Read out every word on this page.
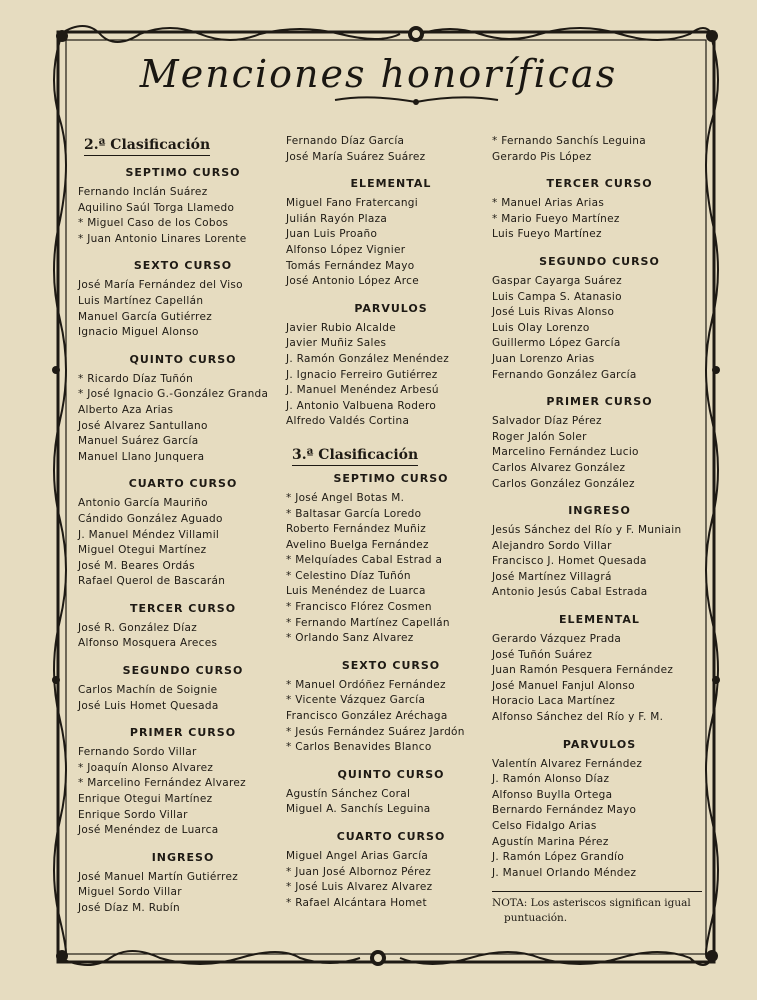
Menciones honoríficas
2.ª Clasificación
SEPTIMO CURSO
Fernando Inclán Suárez
Aquilino Saúl Torga Llamedo
* Miguel Caso de los Cobos
* Juan Antonio Linares Lorente
SEXTO CURSO
José María Fernández del Viso
Luis Martínez Capellán
Manuel García Gutiérrez
Ignacio Miguel Alonso
QUINTO CURSO
* Ricardo Díaz Tuñón
* José Ignacio G.-González Granda
Alberto Aza Arias
José Alvarez Santullano
Manuel Suárez García
Manuel Llano Junquera
CUARTO CURSO
Antonio García Mauriño
Cándido González Aguado
J. Manuel Méndez Villamil
Miguel Otegui Martínez
José M. Beares Ordás
Rafael Querol de Bascarán
TERCER CURSO
José R. González Díaz
Alfonso Mosquera Areces
SEGUNDO CURSO
Carlos Machín de Soignie
José Luis Homet Quesada
PRIMER CURSO
Fernando Sordo Villar
* Joaquín Alonso Alvarez
* Marcelino Fernández Alvarez
Enrique Otegui Martínez
Enrique Sordo Villar
José Menéndez de Luarca
INGRESO
José Manuel Martín Gutiérrez
Miguel Sordo Villar
José Díaz M. Rubín
Fernando Díaz García
José María Suárez Suárez
ELEMENTAL
Miguel Fano Fratercangi
Julián Rayón Plaza
Juan Luis Proaño
Alfonso López Vignier
Tomás Fernández Mayo
José Antonio López Arce
PARVULOS
Javier Rubio Alcalde
Javier Muñiz Sales
J. Ramón González Menéndez
J. Ignacio Ferreiro Gutiérrez
J. Manuel Menéndez Arbesú
J. Antonio Valbuena Rodero
Alfredo Valdés Cortina
3.ª Clasificación
SEPTIMO CURSO
* José Angel Botas M.
* Baltasar García Loredo
Roberto Fernández Muñiz
Avelino Buelga Fernández
* Melquíades Cabal Estrad a
* Celestino Díaz Tuñón
Luis Menéndez de Luarca
* Francisco Flórez Cosmen
* Fernando Martínez Capellán
* Orlando Sanz Alvarez
SEXTO CURSO
* Manuel Ordóñez Fernández
* Vicente Vázquez García
Francisco González Aréchaga
* Jesús Fernández Suárez Jardón
* Carlos Benavides Blanco
QUINTO CURSO
Agustín Sánchez Coral
Miguel A. Sanchís Leguina
CUARTO CURSO
Miguel Angel Arias García
* Juan José Albornoz Pérez
* José Luis Alvarez Alvarez
* Rafael Alcántara Homet
* Fernando Sanchís Leguina
Gerardo Pis López
TERCER CURSO
* Manuel Arias Arias
* Mario Fueyo Martínez
Luis Fueyo Martínez
SEGUNDO CURSO
Gaspar Cayarga Suárez
Luis Campa S. Atanasio
José Luis Rivas Alonso
Luis Olay Lorenzo
Guillermo López García
Juan Lorenzo Arias
Fernando González García
PRIMER CURSO
Salvador Díaz Pérez
Roger Jalón Soler
Marcelino Fernández Lucio
Carlos Alvarez González
Carlos González González
INGRESO
Jesús Sánchez del Río y F. Muniain
Alejandro Sordo Villar
Francisco J. Homet Quesada
José Martínez Villagrá
Antonio Jesús Cabal Estrada
ELEMENTAL
Gerardo Vázquez Prada
José Tuñón Suárez
Juan Ramón Pesquera Fernández
José Manuel Fanjul Alonso
Horacio Laca Martínez
Alfonso Sánchez del Río y F. M.
PARVULOS
Valentín Alvarez Fernández
J. Ramón Alonso Díaz
Alfonso Buylla Ortega
Bernardo Fernández Mayo
Celso Fidalgo Arias
Agustín Marina Pérez
J. Ramón López Grandío
J. Manuel Orlando Méndez
NOTA: Los asteriscos significan igual
puntuación.
